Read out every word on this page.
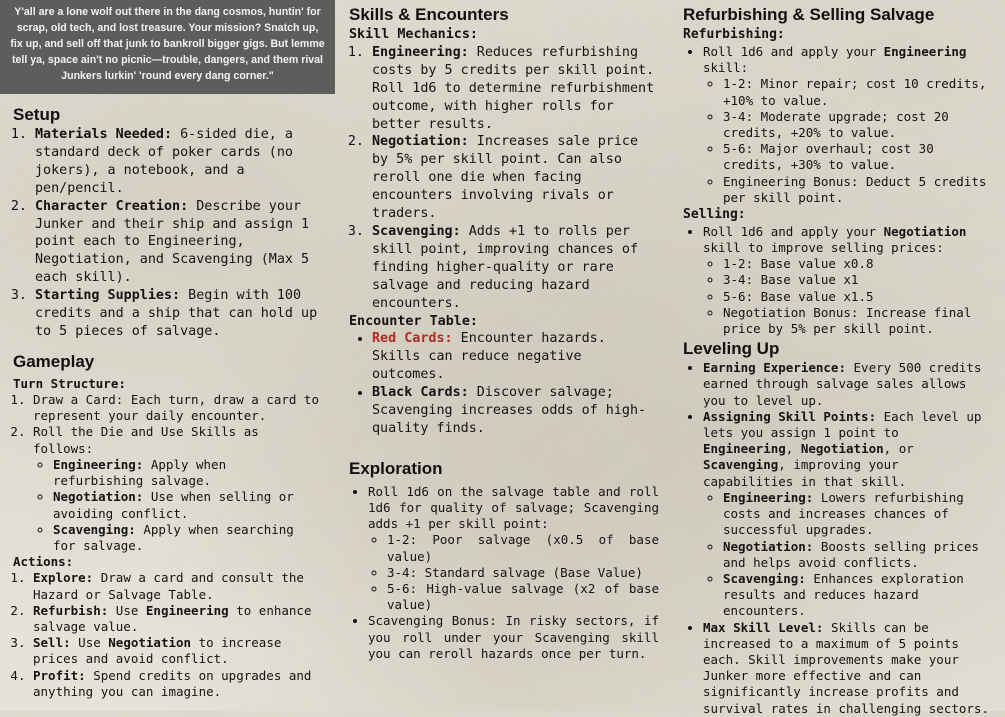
Y'all are a lone wolf out there in the dang cosmos, huntin' for scrap, old tech, and lost treasure. Your mission? Snatch up, fix up, and sell off that junk to bankroll bigger gigs. But lemme tell ya, space ain't no picnic—trouble, dangers, and them rival Junkers lurkin' 'round every dang corner."
Setup
1. Materials Needed: 6-sided die, a standard deck of poker cards (no jokers), a notebook, and a pen/pencil.
2. Character Creation: Describe your Junker and their ship and assign 1 point each to Engineering, Negotiation, and Scavenging (Max 5 each skill).
3. Starting Supplies: Begin with 100 credits and a ship that can hold up to 5 pieces of salvage.
Gameplay
Turn Structure:
1. Draw a Card: Each turn, draw a card to represent your daily encounter.
2. Roll the Die and Use Skills as follows:
◦ Engineering: Apply when refurbishing salvage.
◦ Negotiation: Use when selling or avoiding conflict.
◦ Scavenging: Apply when searching for salvage.
Actions:
1. Explore: Draw a card and consult the Hazard or Salvage Table.
2. Refurbish: Use Engineering to enhance salvage value.
3. Sell: Use Negotiation to increase prices and avoid conflict.
4. Profit: Spend credits on upgrades and anything you can imagine.
Skills & Encounters
Skill Mechanics:
1. Engineering: Reduces refurbishing costs by 5 credits per skill point. Roll 1d6 to determine refurbishment outcome, with higher rolls for better results.
2. Negotiation: Increases sale price by 5% per skill point. Can also reroll one die when facing encounters involving rivals or traders.
3. Scavenging: Adds +1 to rolls per skill point, improving chances of finding higher-quality or rare salvage and reducing hazard encounters.
Encounter Table:
• Red Cards: Encounter hazards. Skills can reduce negative outcomes.
• Black Cards: Discover salvage; Scavenging increases odds of high-quality finds.
Exploration
• Roll 1d6 on the salvage table and roll 1d6 for quality of salvage; Scavenging adds +1 per skill point:
◦ 1-2: Poor salvage (x0.5 of base value)
◦ 3-4: Standard salvage (Base Value)
◦ 5-6: High-value salvage (x2 of base value)
• Scavenging Bonus: In risky sectors, if you roll under your Scavenging skill you can reroll hazards once per turn.
Refurbishing & Selling Salvage
Refurbishing:
• Roll 1d6 and apply your Engineering skill:
◦ 1-2: Minor repair; cost 10 credits, +10% to value.
◦ 3-4: Moderate upgrade; cost 20 credits, +20% to value.
◦ 5-6: Major overhaul; cost 30 credits, +30% to value.
◦ Engineering Bonus: Deduct 5 credits per skill point.
Selling:
• Roll 1d6 and apply your Negotiation skill to improve selling prices:
◦ 1-2: Base value x0.8
◦ 3-4: Base value x1
◦ 5-6: Base value x1.5
◦ Negotiation Bonus: Increase final price by 5% per skill point.
Leveling Up
• Earning Experience: Every 500 credits earned through salvage sales allows you to level up.
• Assigning Skill Points: Each level up lets you assign 1 point to Engineering, Negotiation, or Scavenging, improving your capabilities in that skill.
◦ Engineering: Lowers refurbishing costs and increases chances of successful upgrades.
◦ Negotiation: Boosts selling prices and helps avoid conflicts.
◦ Scavenging: Enhances exploration results and reduces hazard encounters.
• Max Skill Level: Skills can be increased to a maximum of 5 points each. Skill improvements make your Junker more effective and can significantly increase profits and survival rates in challenging sectors.
